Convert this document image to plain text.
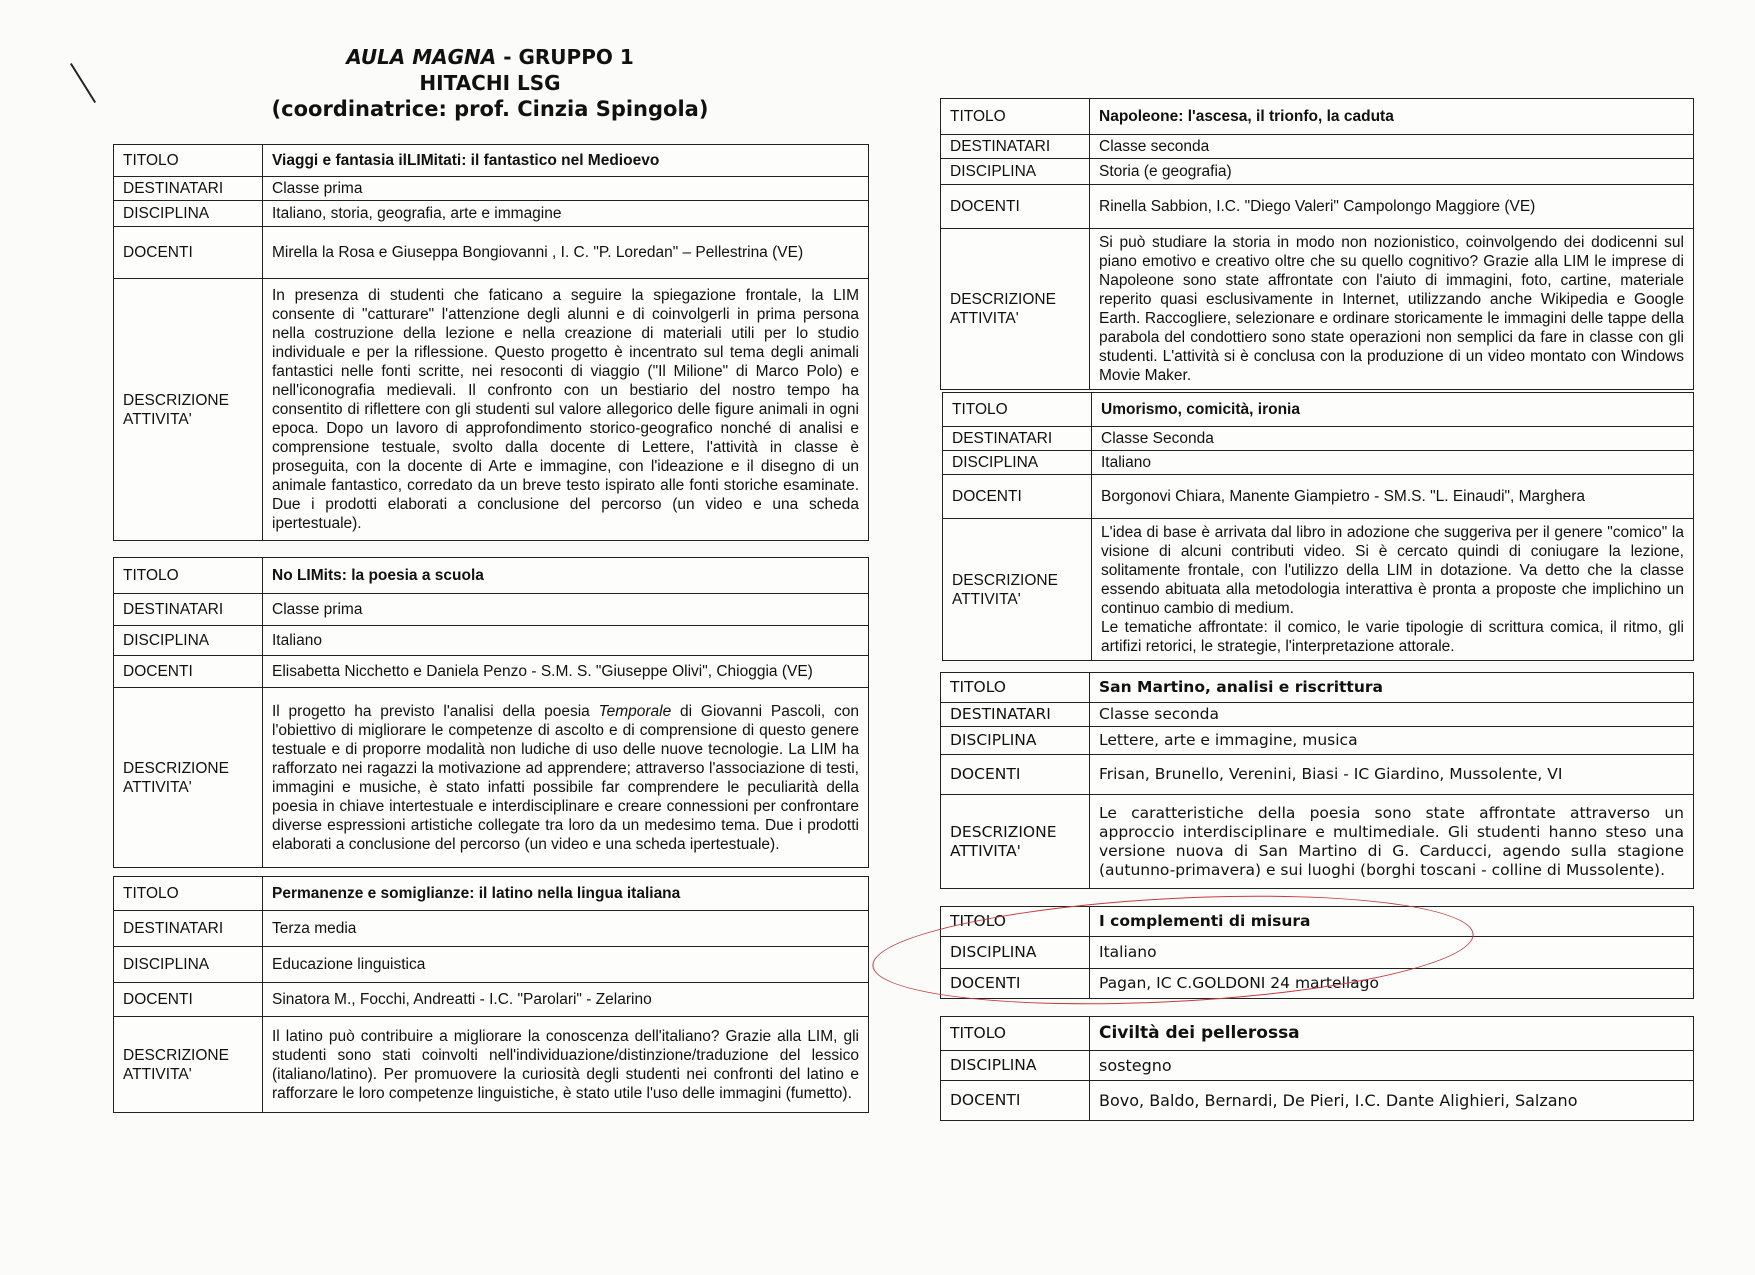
AULA MAGNA - GRUPPO 1
HITACHI LSG
(coordinatrice: prof. Cinzia Spingola)
TITOLO	Viaggi e fantasia ilLIMitati: il fantastico nel Medioevo
DESTINATARI	Classe prima
DISCIPLINA	Italiano, storia, geografia, arte e immagine
DOCENTI	Mirella la Rosa e Giuseppa Bongiovanni , I. C. "P. Loredan" – Pellestrina (VE)
DESCRIZIONE ATTIVITA'	In presenza di studenti che faticano a seguire la spiegazione frontale, la LIM consente di "catturare" l'attenzione degli alunni e di coinvolgerli in prima persona nella costruzione della lezione e nella creazione di materiali utili per lo studio individuale e per la riflessione. Questo progetto è incentrato sul tema degli animali fantastici nelle fonti scritte, nei resoconti di viaggio ("Il Milione" di Marco Polo) e nell'iconografia medievali. Il confronto con un bestiario del nostro tempo ha consentito di riflettere con gli studenti sul valore allegorico delle figure animali in ogni epoca. Dopo un lavoro di approfondimento storico-geografico nonché di analisi e comprensione testuale, svolto dalla docente di Lettere, l'attività in classe è proseguita, con la docente di Arte e immagine, con l'ideazione e il disegno di un animale fantastico, corredato da un breve testo ispirato alle fonti storiche esaminate. Due i prodotti elaborati a conclusione del percorso (un video e una scheda ipertestuale).
TITOLO	No LIMits: la poesia a scuola
DESTINATARI	Classe prima
DISCIPLINA	Italiano
DOCENTI	Elisabetta Nicchetto e Daniela Penzo - S.M. S. "Giuseppe Olivi", Chioggia (VE)
DESCRIZIONE ATTIVITA'	Il progetto ha previsto l'analisi della poesia Temporale di Giovanni Pascoli, con l'obiettivo di migliorare le competenze di ascolto e di comprensione di questo genere testuale e di proporre modalità non ludiche di uso delle nuove tecnologie. La LIM ha rafforzato nei ragazzi la motivazione ad apprendere; attraverso l'associazione di testi, immagini e musiche, è stato infatti possibile far comprendere le peculiarità della poesia in chiave intertestuale e interdisciplinare e creare connessioni per confrontare diverse espressioni artistiche collegate tra loro da un medesimo tema. Due i prodotti elaborati a conclusione del percorso (un video e una scheda ipertestuale).
TITOLO	Permanenze e somiglianze: il latino nella lingua italiana
DESTINATARI	Terza media
DISCIPLINA	Educazione linguistica
DOCENTI	Sinatora M., Focchi, Andreatti - I.C. "Parolari" - Zelarino
DESCRIZIONE ATTIVITA'	Il latino può contribuire a migliorare la conoscenza dell'italiano? Grazie alla LIM, gli studenti sono stati coinvolti nell'individuazione/distinzione/traduzione del lessico (italiano/latino). Per promuovere la curiosità degli studenti nei confronti del latino e rafforzare le loro competenze linguistiche, è stato utile l'uso delle immagini (fumetto).
TITOLO	Napoleone: l'ascesa, il trionfo, la caduta
DESTINATARI	Classe seconda
DISCIPLINA	Storia (e geografia)
DOCENTI	Rinella Sabbion, I.C. "Diego Valeri" Campolongo Maggiore (VE)
DESCRIZIONE ATTIVITA'	Si può studiare la storia in modo non nozionistico, coinvolgendo dei dodicenni sul piano emotivo e creativo oltre che su quello cognitivo? Grazie alla LIM le imprese di Napoleone sono state affrontate con l'aiuto di immagini, foto, cartine, materiale reperito quasi esclusivamente in Internet, utilizzando anche Wikipedia e Google Earth. Raccogliere, selezionare e ordinare storicamente le immagini delle tappe della parabola del condottiero sono state operazioni non semplici da fare in classe con gli studenti. L'attività si è conclusa con la produzione di un video montato con Windows Movie Maker.
TITOLO	Umorismo, comicità, ironia
DESTINATARI	Classe Seconda
DISCIPLINA	Italiano
DOCENTI	Borgonovi Chiara, Manente Giampietro - SM.S. "L. Einaudi", Marghera
DESCRIZIONE ATTIVITA'	L'idea di base è arrivata dal libro in adozione che suggeriva per il genere "comico" la visione di alcuni contributi video. Si è cercato quindi di coniugare la lezione, solitamente frontale, con l'utilizzo della LIM in dotazione. Va detto che la classe essendo abituata alla metodologia interattiva è pronta a proposte che implichino un continuo cambio di medium.
Le tematiche affrontate: il comico, le varie tipologie di scrittura comica, il ritmo, gli artifizi retorici, le strategie, l'interpretazione attorale.
TITOLO	San Martino, analisi e riscrittura
DESTINATARI	Classe seconda
DISCIPLINA	Lettere, arte e immagine, musica
DOCENTI	Frisan, Brunello, Verenini, Biasi - IC Giardino, Mussolente, VI
DESCRIZIONE ATTIVITA'	Le caratteristiche della poesia sono state affrontate attraverso un approccio interdisciplinare e multimediale. Gli studenti hanno steso una versione nuova di San Martino di G. Carducci, agendo sulla stagione (autunno-primavera) e sui luoghi (borghi toscani - colline di Mussolente).
TITOLO	I complementi di misura
DISCIPLINA	Italiano
DOCENTI	Pagan, IC C.GOLDONI 24 martellago
TITOLO	Civiltà dei pellerossa
DISCIPLINA	sostegno
DOCENTI	Bovo, Baldo, Bernardi, De Pieri, I.C. Dante Alighieri, Salzano
